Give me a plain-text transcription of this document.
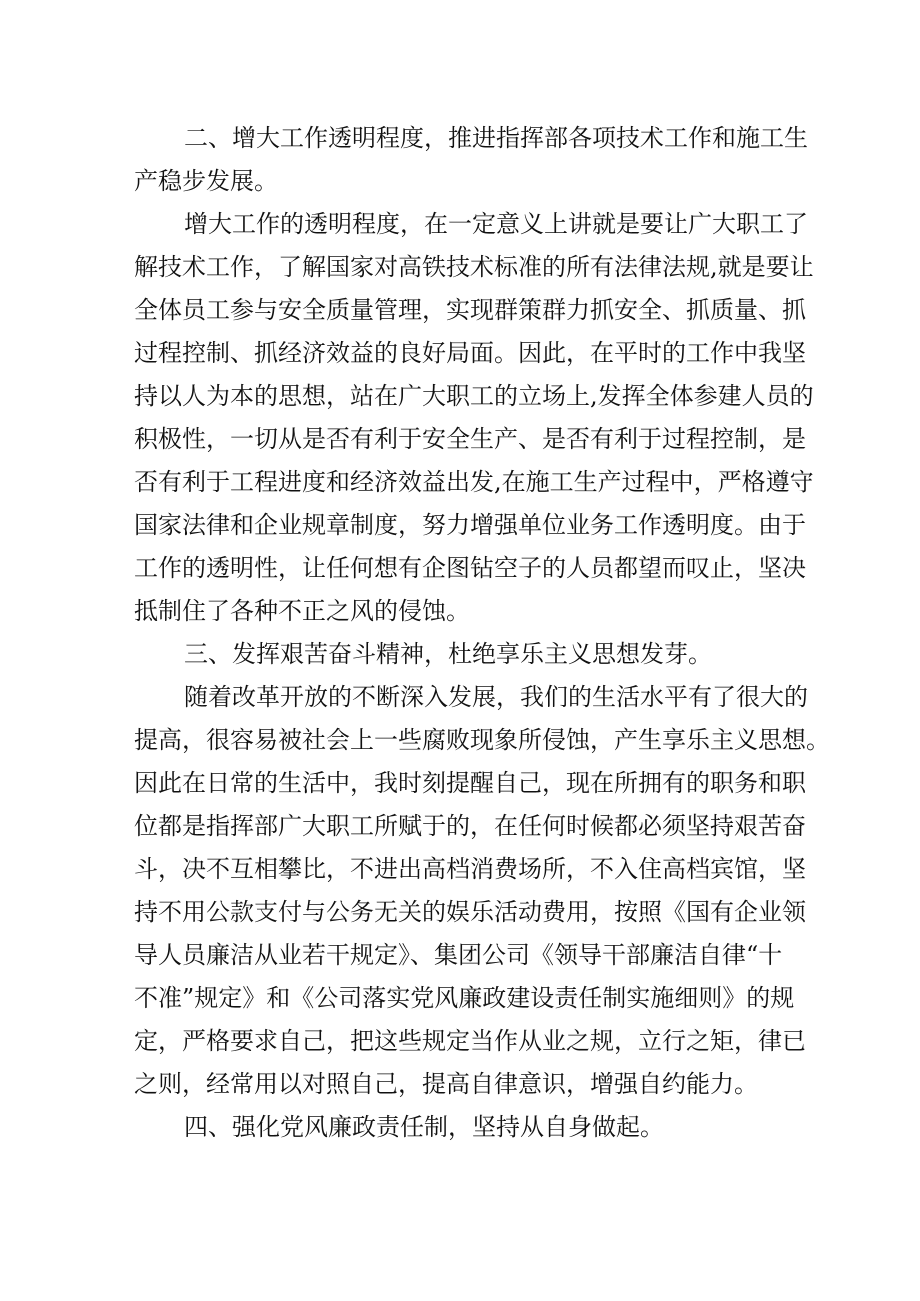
二、增大工作透明程度，推进指挥部各项技术工作和施工生
产稳步发展。
增大工作的透明程度，在一定意义上讲就是要让广大职工了
解技术工作，了解国家对高铁技术标准的所有法律法规,就是要让
全体员工参与安全质量管理，实现群策群力抓安全、抓质量、抓
过程控制、抓经济效益的良好局面。因此，在平时的工作中我坚
持以人为本的思想，站在广大职工的立场上,发挥全体参建人员的
积极性，一切从是否有利于安全生产、是否有利于过程控制，是
否有利于工程进度和经济效益出发,在施工生产过程中，严格遵守
国家法律和企业规章制度，努力增强单位业务工作透明度。由于
工作的透明性，让任何想有企图钻空子的人员都望而叹止，坚决
抵制住了各种不正之风的侵蚀。
三、发挥艰苦奋斗精神，杜绝享乐主义思想发芽。
随着改革开放的不断深入发展，我们的生活水平有了很大的
提高，很容易被社会上一些腐败现象所侵蚀，产生享乐主义思想。
因此在日常的生活中，我时刻提醒自己，现在所拥有的职务和职
位都是指挥部广大职工所赋于的，在任何时候都必须坚持艰苦奋
斗，决不互相攀比，不进出高档消费场所，不入住高档宾馆，坚
持不用公款支付与公务无关的娱乐活动费用，按照《国有企业领
导人员廉洁从业若干规定》、集团公司《领导干部廉洁自律“十
不准”规定》和《公司落实党风廉政建设责任制实施细则》的规
定，严格要求自己，把这些规定当作从业之规，立行之矩，律已
之则，经常用以对照自己，提高自律意识，增强自约能力。
四、强化党风廉政责任制，坚持从自身做起。
